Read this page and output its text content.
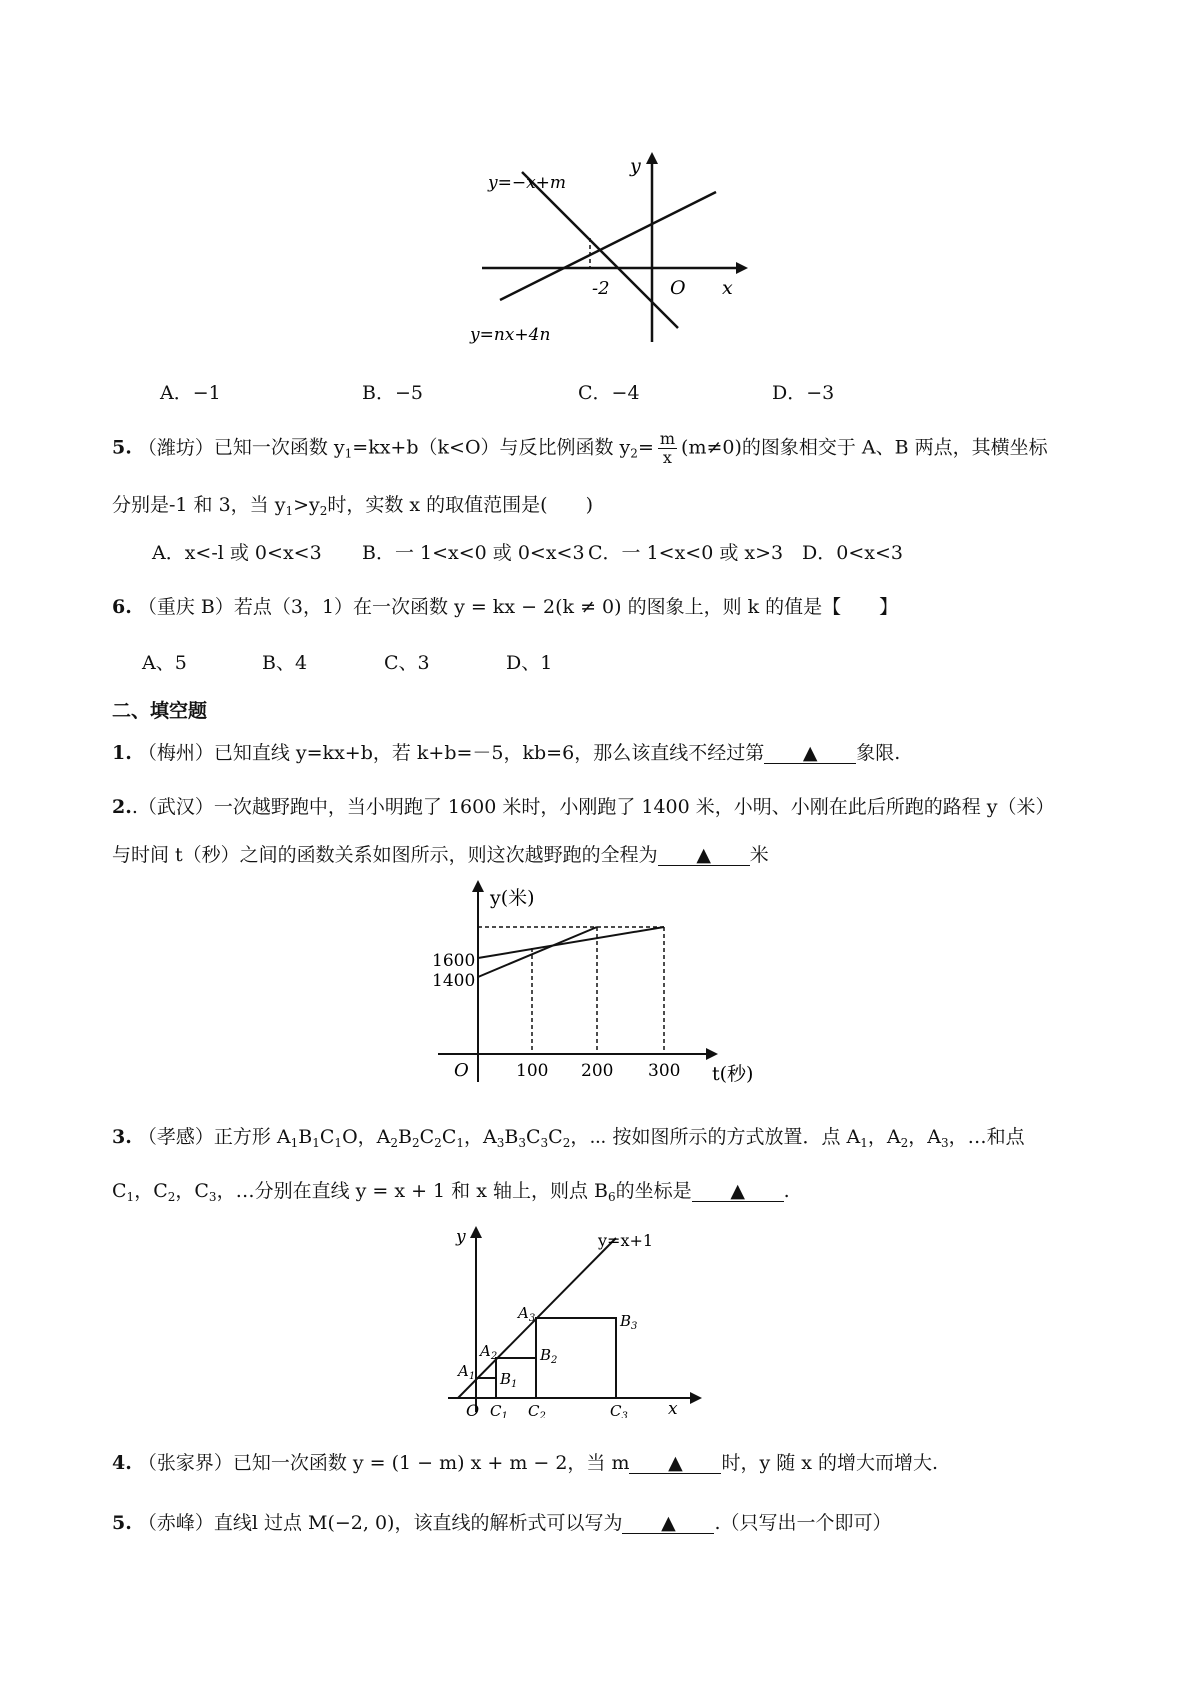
y=−x+m
y=nx+4n
y
x
-2	O
A．−1	B．−5	C．−4	D．−3
5. （潍坊）已知一次函数 $y_1=kx+b(k<O)$与反比例函数 $y_2= \frac{m}{x} (m\ne 0)$的图象相交于 A、B 两点，其横坐标
分别是-1 和 3，当 $y_1>y_2$时，实数 x 的取值范围是(　　)
A．x<-l 或 0<x<3 B．一 1<x<0 或 0<x<3 C．一 1<x<0 或 x>3 D．0<x<3
6. （重庆 B）若点（3，1）在一次函数 y = kx − 2(k ≠ 0) 的图象上，则 k 的值是【　　】
A、5	B、4	C、3	D、1
二、填空题
1. （梅州）已知直线 y=kx+b，若 k+b=－5，kb=6，那么该直线不经过第 ▲ 象限.
2..（武汉）一次越野跑中，当小明跑了 1600 米时，小刚跑了 1400 米，小明、小刚在此后所跑的路程 y（米）
与时间 t（秒）之间的函数关系如图所示，则这次越野跑的全程为 ▲ 米
y(米)
t(秒)
O
1600
1400
100 200 300
3. （孝感）正方形 $A_1B_1C_1O$，$A_2B_2C_2C_1$，$A_3B_3C_3C_2$，⋯ 按如图所示的方式放置．点 $A_1$，$A_2$，$A_3$，…和点
$C_1$，$C_2$，$C_3$，…分别在直线 y = x + 1 和 x 轴上，则点 $B_6$的坐标是 ▲ .
y=x+1
y
x
O
$A_1$
$A_2$
$A_3$
$B_1$
$B_2$
$B_3$
$C_1$ $C_2$	$C_3$
4. （张家界）已知一次函数 y = (1 − m) x + m − 2，当 m ▲ 时，y 随 x 的增大而增大.
5. （赤峰）直线l 过点 M(−2, 0)，该直线的解析式可以写为 ▲ .（只写出一个即可）
